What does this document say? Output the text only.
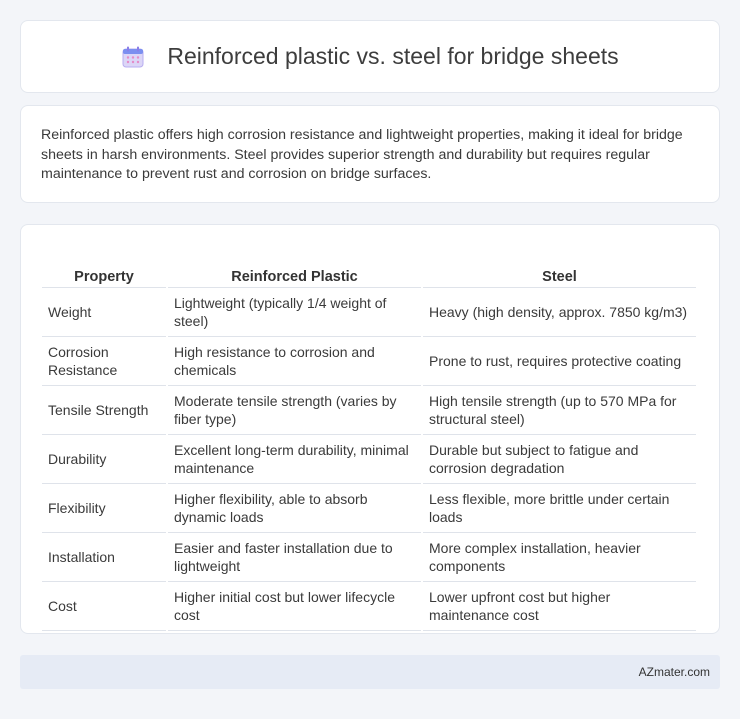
Reinforced plastic vs. steel for bridge sheets

Reinforced plastic offers high corrosion resistance and lightweight properties, making it ideal for bridge sheets in harsh environments. Steel provides superior strength and durability but requires regular maintenance to prevent rust and corrosion on bridge surfaces.

Property	Reinforced Plastic	Steel
Weight	Lightweight (typically 1/4 weight of steel)	Heavy (high density, approx. 7850 kg/m3)
Corrosion Resistance	High resistance to corrosion and chemicals	Prone to rust, requires protective coating
Tensile Strength	Moderate tensile strength (varies by fiber type)	High tensile strength (up to 570 MPa for structural steel)
Durability	Excellent long-term durability, minimal maintenance	Durable but subject to fatigue and corrosion degradation
Flexibility	Higher flexibility, able to absorb dynamic loads	Less flexible, more brittle under certain loads
Installation	Easier and faster installation due to lightweight	More complex installation, heavier components
Cost	Higher initial cost but lower lifecycle cost	Lower upfront cost but higher maintenance cost
AZmater.com
